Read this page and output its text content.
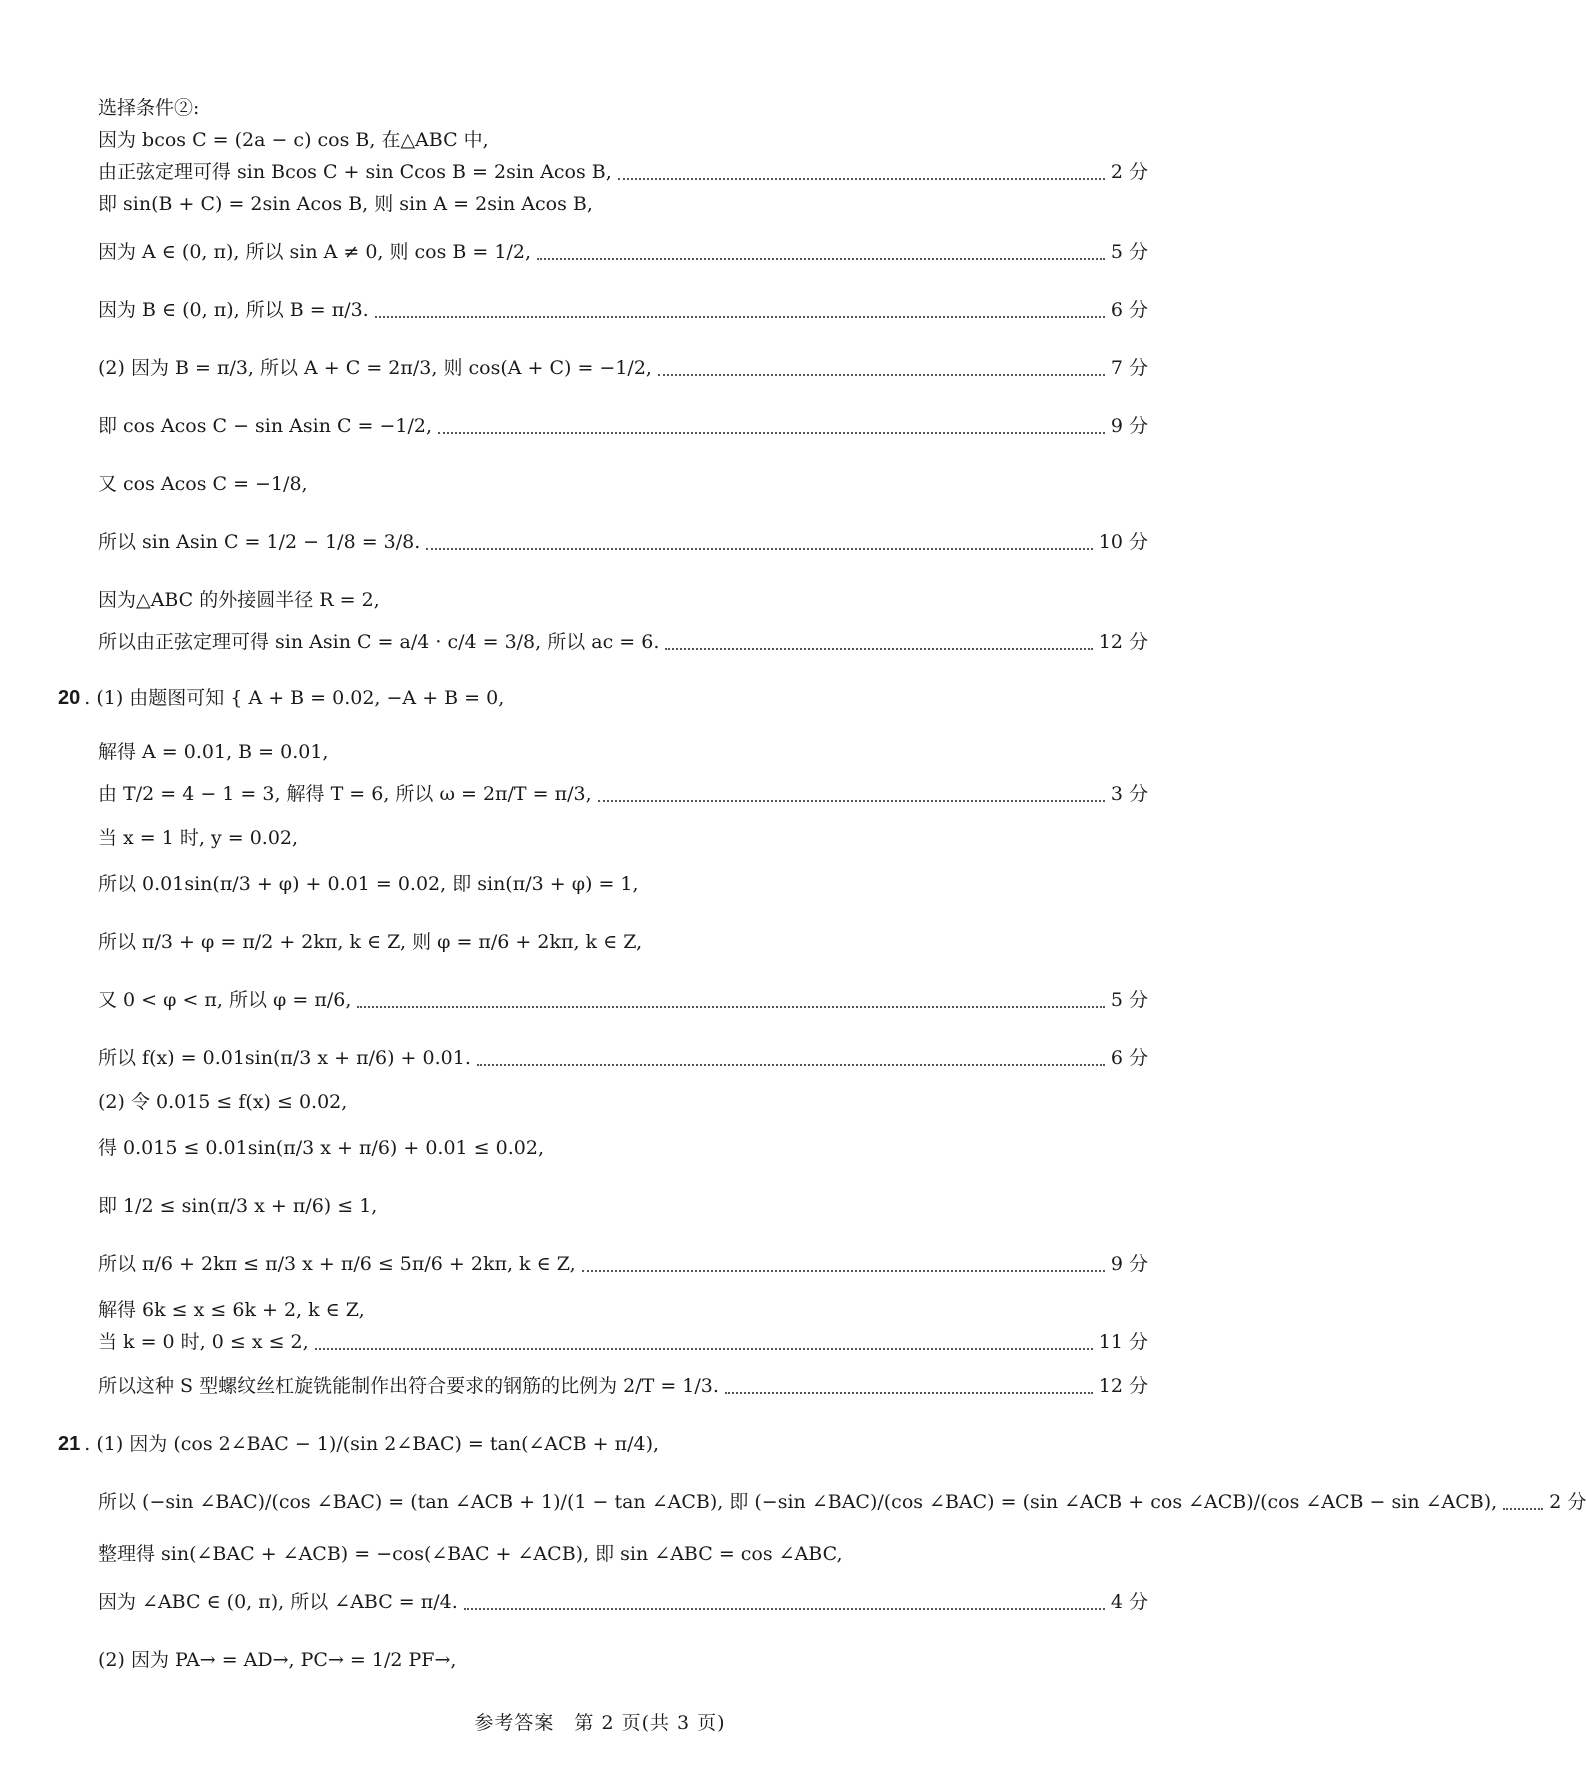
选择条件②:
因为 bcos C = (2a − c) cos B, 在△ABC 中,
由正弦定理可得 sin Bcos C + sin Ccos B = 2sin Acos B,	2 分
即 sin(B + C) = 2sin Acos B, 则 sin A = 2sin Acos B,
因为 A ∈ (0, π), 所以 sin A ≠ 0, 则 cos B = 1/2,	5 分
因为 B ∈ (0, π), 所以 B = π/3.	6 分
(2) 因为 B = π/3, 所以 A + C = 2π/3, 则 cos(A + C) = −1/2,	7 分
即 cos Acos C − sin Asin C = −1/2,	9 分
又 cos Acos C = −1/8,
所以 sin Asin C = 1/2 − 1/8 = 3/8.	10 分
因为△ABC 的外接圆半径 R = 2,
所以由正弦定理可得 sin Asin C = a/4 · c/4 = 3/8, 所以 ac = 6.	12 分
20 . (1) 由题图可知 { A + B = 0.02, −A + B = 0,
解得 A = 0.01, B = 0.01,
由 T/2 = 4 − 1 = 3, 解得 T = 6, 所以 ω = 2π/T = π/3,	3 分
当 x = 1 时, y = 0.02,
所以 0.01sin(π/3 + φ) + 0.01 = 0.02, 即 sin(π/3 + φ) = 1,
所以 π/3 + φ = π/2 + 2kπ, k ∈ Z, 则 φ = π/6 + 2kπ, k ∈ Z,
又 0 < φ < π, 所以 φ = π/6,	5 分
所以 f(x) = 0.01sin(π/3 x + π/6) + 0.01.	6 分
(2) 令 0.015 ≤ f(x) ≤ 0.02,
得 0.015 ≤ 0.01sin(π/3 x + π/6) + 0.01 ≤ 0.02,
即 1/2 ≤ sin(π/3 x + π/6) ≤ 1,
所以 π/6 + 2kπ ≤ π/3 x + π/6 ≤ 5π/6 + 2kπ, k ∈ Z,	9 分
解得 6k ≤ x ≤ 6k + 2, k ∈ Z,
当 k = 0 时, 0 ≤ x ≤ 2,	11 分
所以这种 S 型螺纹丝杠旋铣能制作出符合要求的钢筋的比例为 2/T = 1/3.	12 分
21 . (1) 因为 (cos 2∠BAC − 1)/(sin 2∠BAC) = tan(∠ACB + π/4),
所以 (−sin ∠BAC)/(cos ∠BAC) = (tan ∠ACB + 1)/(1 − tan ∠ACB), 即 (−sin ∠BAC)/(cos ∠BAC) = (sin ∠ACB + cos ∠ACB)/(cos ∠ACB − sin ∠ACB),	2 分
整理得 sin(∠BAC + ∠ACB) = −cos(∠BAC + ∠ACB), 即 sin ∠ABC = cos ∠ABC,
因为 ∠ABC ∈ (0, π), 所以 ∠ABC = π/4.	4 分
(2) 因为 PA→ = AD→, PC→ = 1/2 PF→,
参考答案　第 2 页(共 3 页)
